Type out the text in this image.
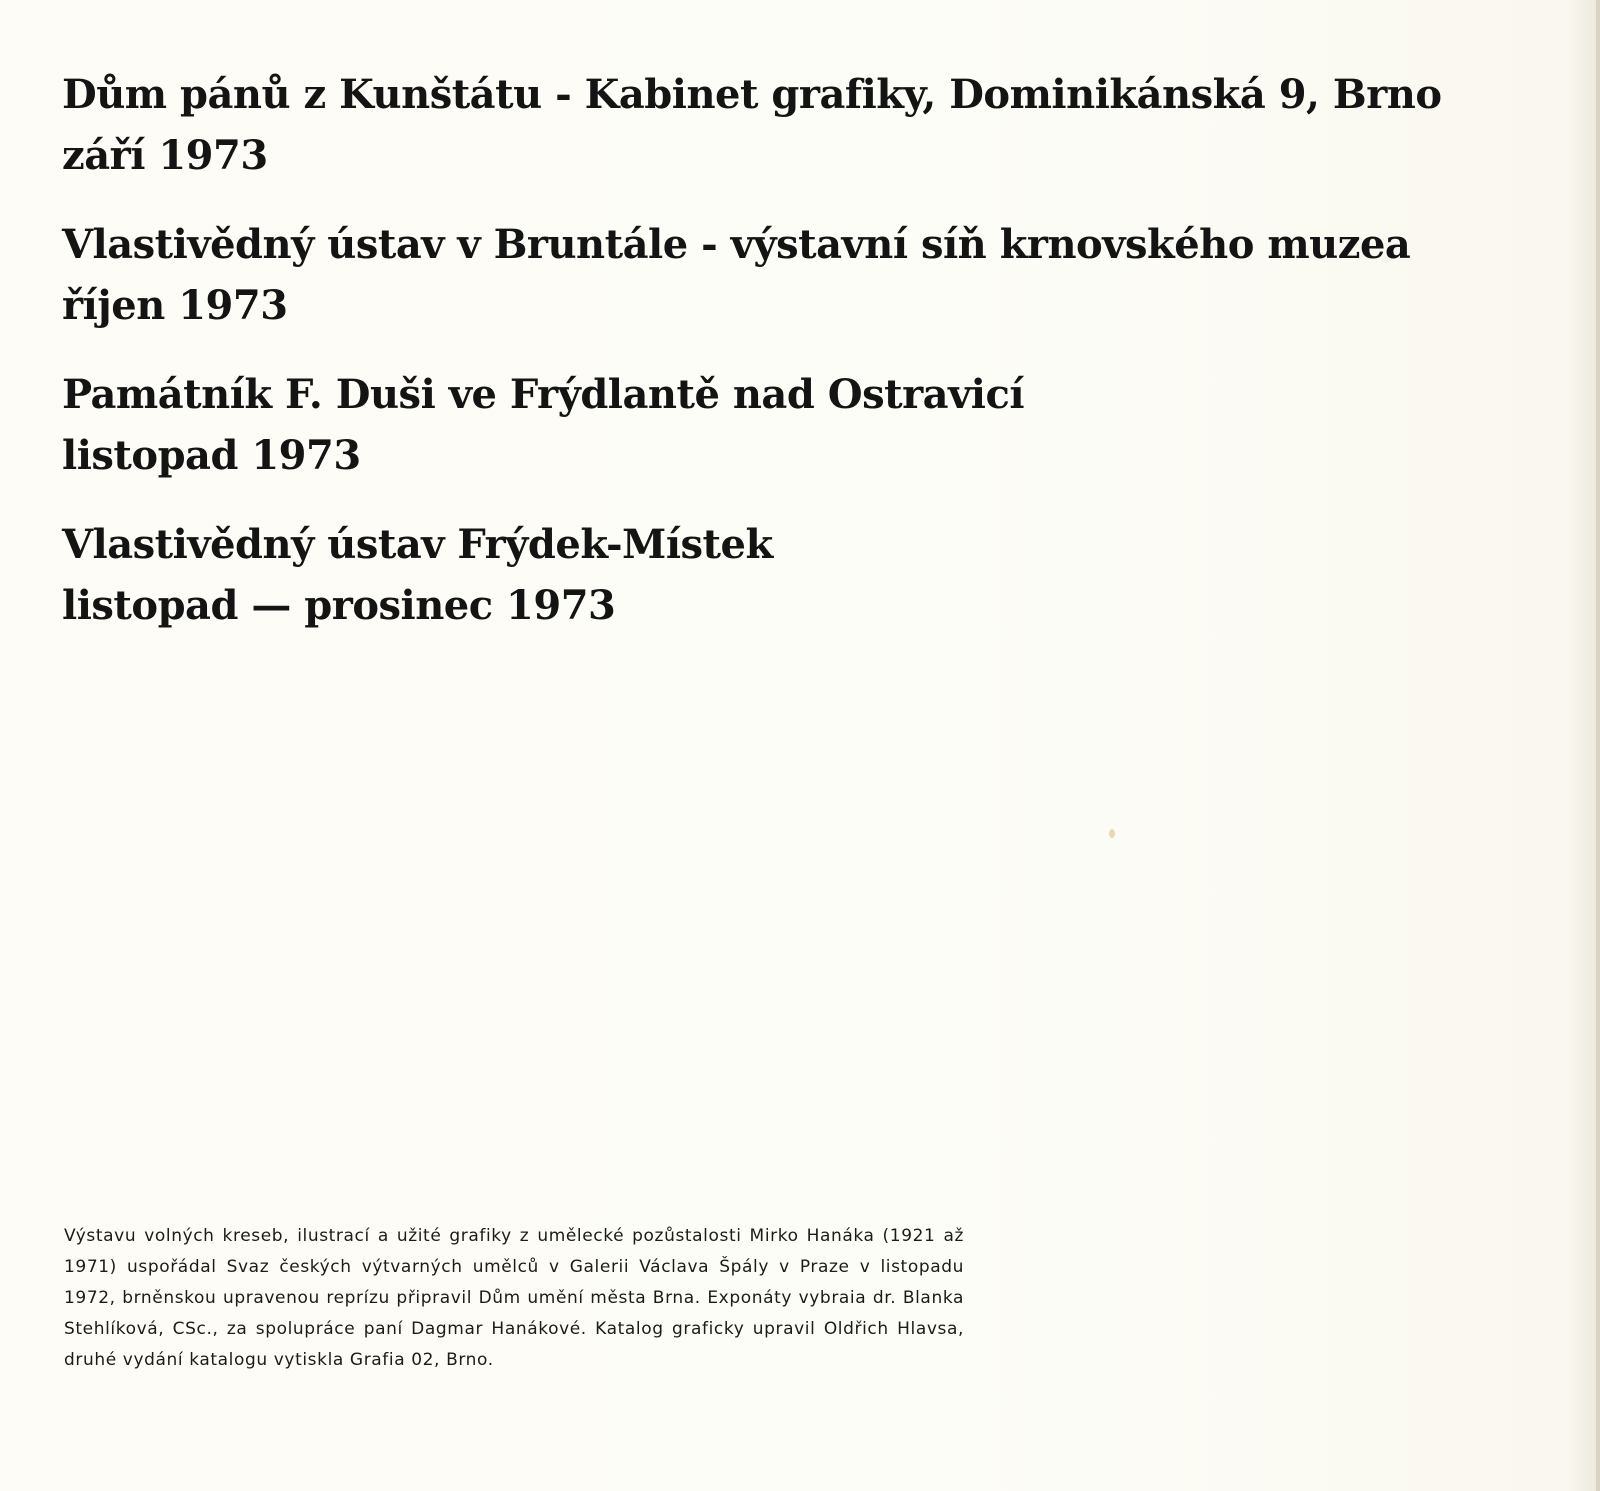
Dům pánů z Kunštátu - Kabinet grafiky, Dominikánská 9, Brno
září 1973
Vlastivědný ústav v Bruntále - výstavní síň krnovského muzea
říjen 1973
Památník F. Duši ve Frýdlantě nad Ostravicí
listopad 1973
Vlastivědný ústav Frýdek-Místek
listopad — prosinec 1973

Výstavu volných kreseb, ilustrací a užité grafiky z umělecké pozůstalosti Mirko Hanáka (1921 až 1971) uspořádal Svaz českých výtvarných umělců v Galerii Václava Špály v Praze v listopadu 1972, brněnskou upravenou reprízu připravil Dům umění města Brna. Exponáty vybraia dr. Blanka Stehlíková, CSc., za spolupráce paní Dagmar Hanákové. Katalog graficky upravil Oldřich Hlavsa, druhé vydání katalogu vytiskla Grafia 02, Brno.
